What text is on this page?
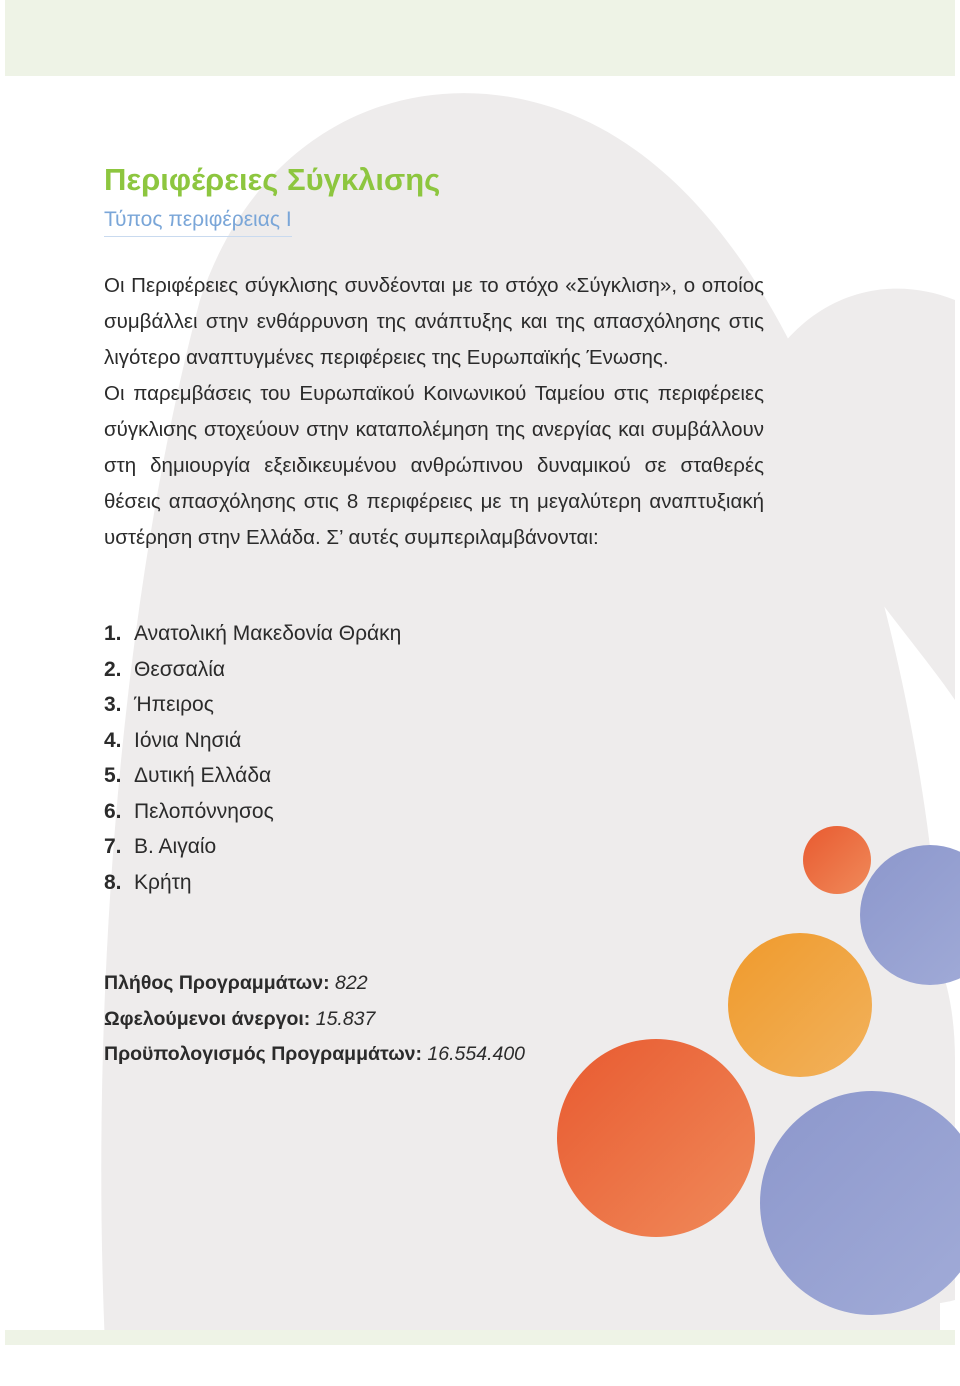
Περιφέρειες Σύγκλισης
Τύπος περιφέρειας Ι

Οι Περιφέρειες σύγκλισης συνδέονται με το στόχο «Σύγκλιση», ο οποίος συμβάλλει στην ενθάρρυνση της ανάπτυξης και της απασχόλησης στις λιγότερο αναπτυγμένες περιφέρειες της Ευρωπαϊκής Ένωσης.

Οι παρεμβάσεις του Ευρωπαϊκού Κοινωνικού Ταμείου στις περιφέρειες σύγκλισης στοχεύουν στην καταπολέμηση της ανεργίας και συμβάλλουν στη δημιουργία εξειδικευμένου ανθρώπινου δυναμικού σε σταθερές θέσεις απασχόλησης στις 8 περιφέρειες με τη μεγαλύτερη αναπτυξιακή υστέρηση στην Ελλάδα. Σ’ αυτές συμπεριλαμβάνονται:

1. Ανατολική Μακεδονία Θράκη
2. Θεσσαλία
3. Ήπειρος
4. Ιόνια Νησιά
5. Δυτική Ελλάδα
6. Πελοπόννησος
7. Β. Αιγαίο
8. Κρήτη
Πλήθος Προγραμμάτων: 822
Ωφελούμενοι άνεργοι: 15.837
Προϋπολογισμός Προγραμμάτων: 16.554.400
